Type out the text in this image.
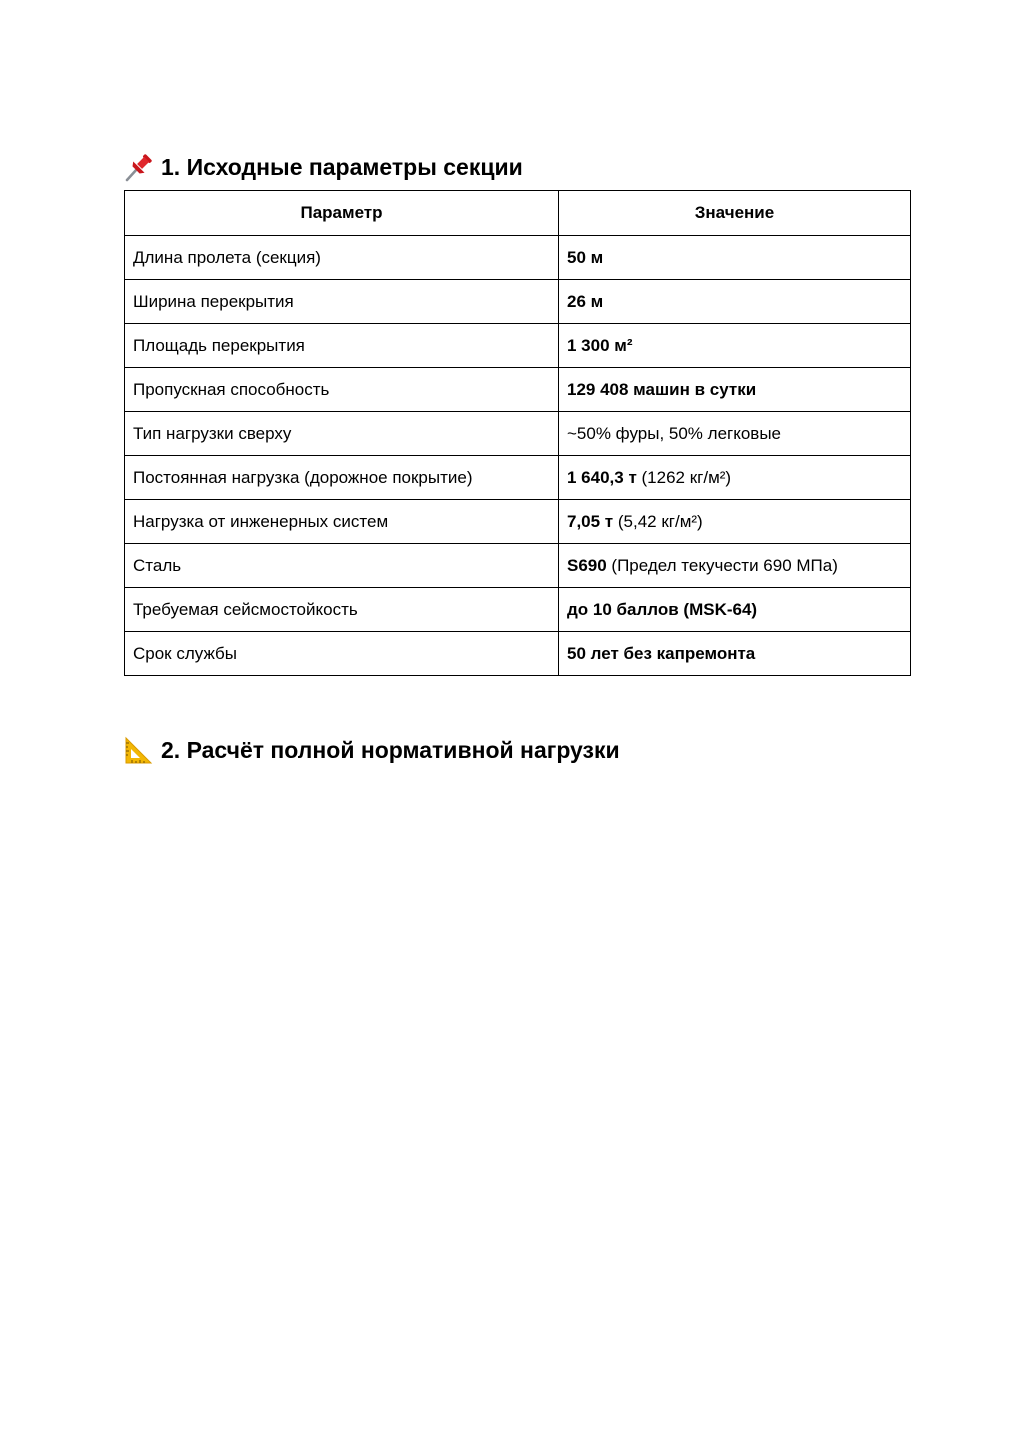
1. Исходные параметры секции
Параметр	Значение
Длина пролета (секция)	50 м
Ширина перекрытия	26 м
Площадь перекрытия	1 300 м²
Пропускная способность	129 408 машин в сутки
Тип нагрузки сверху	~50% фуры, 50% легковые
Постоянная нагрузка (дорожное покрытие)	1 640,3 т (1262 кг/м²)
Нагрузка от инженерных систем	7,05 т (5,42 кг/м²)
Сталь	S690 (Предел текучести 690 МПа)
Требуемая сейсмостойкость	до 10 баллов (MSK-64)
Срок службы	50 лет без капремонта
2. Расчёт полной нормативной нагрузки
